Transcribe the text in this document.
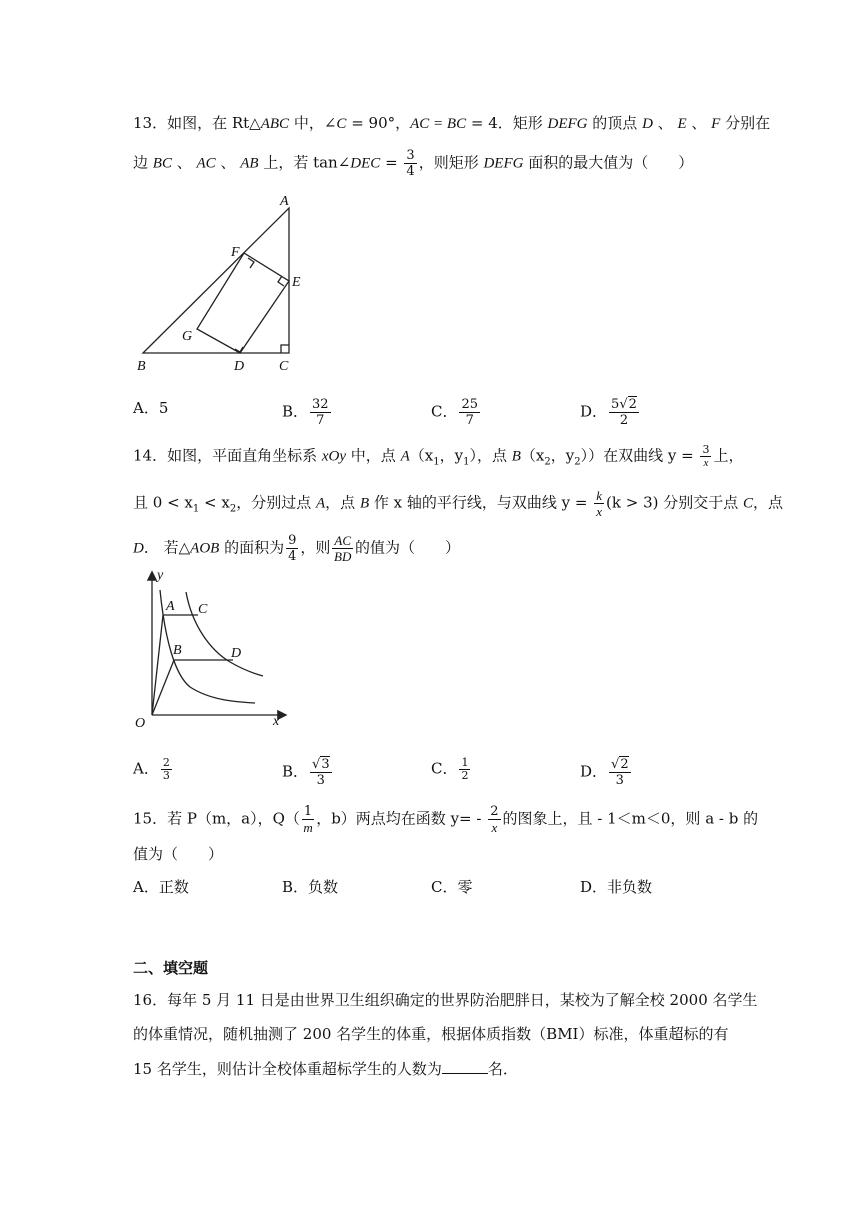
13．如图，在 Rt△ABC 中，∠C = 90°，AC = BC = 4．矩形 DEFG 的顶点 D 、 E 、 F 分别在
边 BC 、 AC 、 AB 上，若 tan∠DEC = $\frac{3}{4}$ ，则矩形 DEFG 面积的最大值为（　　）
A
F
E
G
B	D C
A．5	B． $\frac{32}{7}$	C． $\frac{25}{7}$	D． $\frac{5√2}{2}$
14．如图，平面直角坐标系 xOy 中，点 $A(x_1$，$y_1$），点 $B(x_2$，$y_2$））在双曲线 $y = \frac{3}{x}$ 上，
且 $0 < x_1 < x_2$，分别过点 A，点 B 作 x 轴的平行线，与双曲线 $y = \frac{k}{x} (k > 3)$ 分别交于点 C，点
D． 若△AOB 的面积为 $\frac{9}{4}$ ，则 $\frac{AC}{BD}$ 的值为（　　）
y
x
O
A C
B	D
A． $\frac{2}{3}$	B． $\frac{√3}{3}$	C． $\frac{1}{2}$	D． $\frac{√2}{3}$
15．若 P（m，a），$Q( \frac{1}{m}$ ，b）两点均在函数 $y= - \frac{2}{x}$ 的图象上，且 - 1＜m＜0，则 a - b 的
值为（　　）
A．正数	B．负数	C．零	D．非负数
二、填空题
16．每年 5 月 11 日是由世界卫生组织确定的世界防治肥胖日，某校为了解全校 2000 名学生
的体重情况，随机抽测了 200 名学生的体重，根据体质指数（BMI）标准，体重超标的有
15 名学生，则估计全校体重超标学生的人数为	名．
